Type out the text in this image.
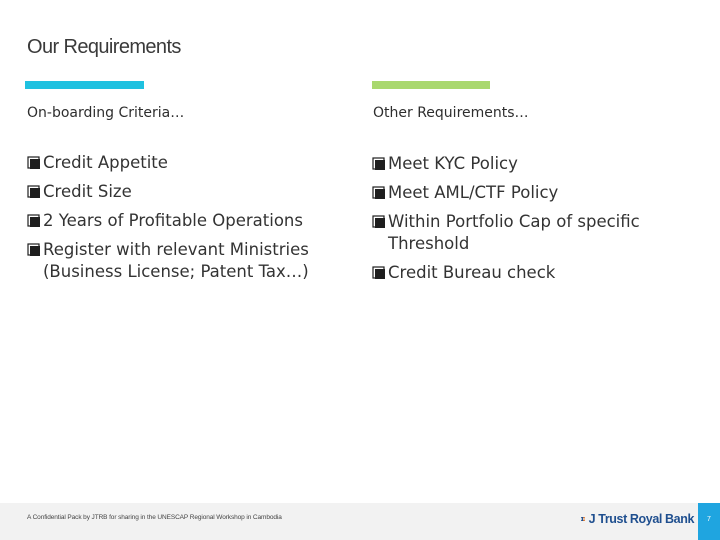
Our Requirements
On-boarding Criteria…	Other Requirements…
Credit Appetite
Credit Size
2 Years of Profitable Operations
Register with relevant Ministries (Business License; Patent Tax…)
Meet KYC Policy
Meet AML/CTF Policy
Within Portfolio Cap of specific Threshold
Credit Bureau check
A Confidential Pack by JTRB for sharing in the UNESCAP Regional Workshop in Cambodia	J Trust Royal Bank	7
